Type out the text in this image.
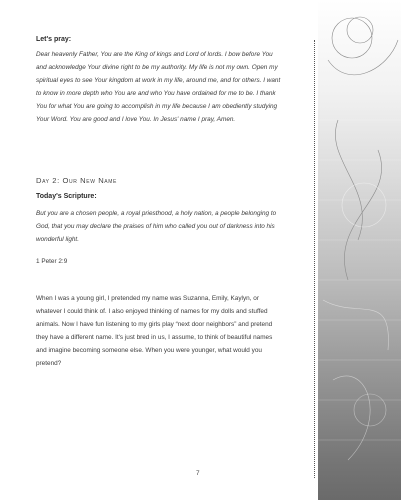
Let's pray:

Dear heavenly Father, You are the King of kings and Lord of lords. I bow before You
and acknowledge Your divine right to be my authority. My life is not my own. Open my
spiritual eyes to see Your kingdom at work in my life, around me, and for others. I want
to know in more depth who You are and who You have ordained for me to be. I thank
You for what You are going to accomplish in my life because I am obediently studying
Your Word. You are good and I love You. In Jesus' name I pray, Amen.

Day 2: Our New Name

Today's Scripture:

But you are a chosen people, a royal priesthood, a holy nation, a people belonging to
God, that you may declare the praises of him who called you out of darkness into his
wonderful light.

1 Peter 2:9

When I was a young girl, I pretended my name was Suzanna, Emily, Kaylyn, or
whatever I could think of. I also enjoyed thinking of names for my dolls and stuffed
animals. Now I have fun listening to my girls play “next door neighbors” and pretend
they have a different name. It's just bred in us, I assume, to think of beautiful names
and imagine becoming someone else. When you were younger, what would you
pretend?

7
